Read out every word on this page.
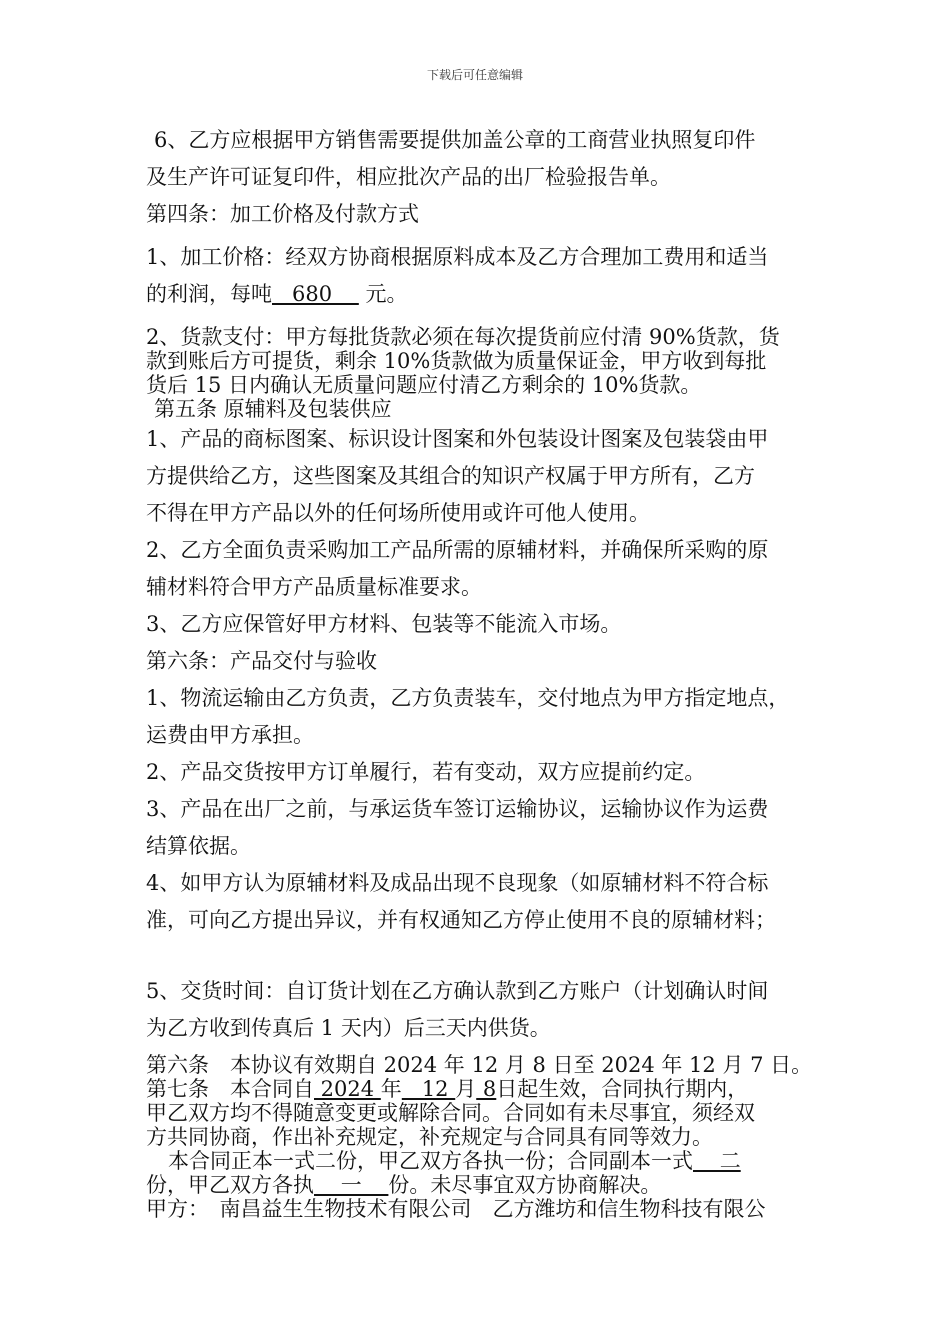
下载后可任意编辑

6、乙方应根据甲方销售需要提供加盖公章的工商营业执照复印件

及生产许可证复印件，相应批次产品的出厂检验报告单。

第四条：加工价格及付款方式

1、加工价格：经双方协商根据原料成本及乙方合理加工费用和适当

的利润，每吨   680     元。

2、货款支付：甲方每批货款必须在每次提货前应付清 90%货款，货

款到账后方可提货，剩余 10%货款做为质量保证金，甲方收到每批

货后 15 日内确认无质量问题应付清乙方剩余的 10%货款。

第五条 原辅料及包装供应

1、产品的商标图案、标识设计图案和外包装设计图案及包装袋由甲

方提供给乙方，这些图案及其组合的知识产权属于甲方所有，乙方

不得在甲方产品以外的任何场所使用或许可他人使用。

2、乙方全面负责采购加工产品所需的原辅材料，并确保所采购的原

辅材料符合甲方产品质量标准要求。

3、乙方应保管好甲方材料、包装等不能流入市场。

第六条：产品交付与验收

1、物流运输由乙方负责，乙方负责装车，交付地点为甲方指定地点，

运费由甲方承担。

2、产品交货按甲方订单履行，若有变动，双方应提前约定。

3、产品在出厂之前，与承运货车签订运输协议，运输协议作为运费

结算依据。

4、如甲方认为原辅材料及成品出现不良现象（如原辅材料不符合标

准，可向乙方提出异议，并有权通知乙方停止使用不良的原辅材料；

5、交货时间：自订货计划在乙方确认款到乙方账户（计划确认时间

为乙方收到传真后 1 天内）后三天内供货。

第六条　本协议有效期自 2024 年 12 月 8 日至 2024 年 12 月 7 日。

第七条　本合同自 2024 年   12 月 8日起生效，合同执行期内，

甲乙双方均不得随意变更或解除合同。合同如有未尽事宜，须经双

方共同协商，作出补充规定，补充规定与合同具有同等效力。

本合同正本一式二份，甲乙双方各执一份；合同副本一式    二

份，甲乙双方各执    一    份。未尽事宜双方协商解决。

甲方：　南昌益生生物技术有限公司　乙方潍坊和信生物科技有限公
